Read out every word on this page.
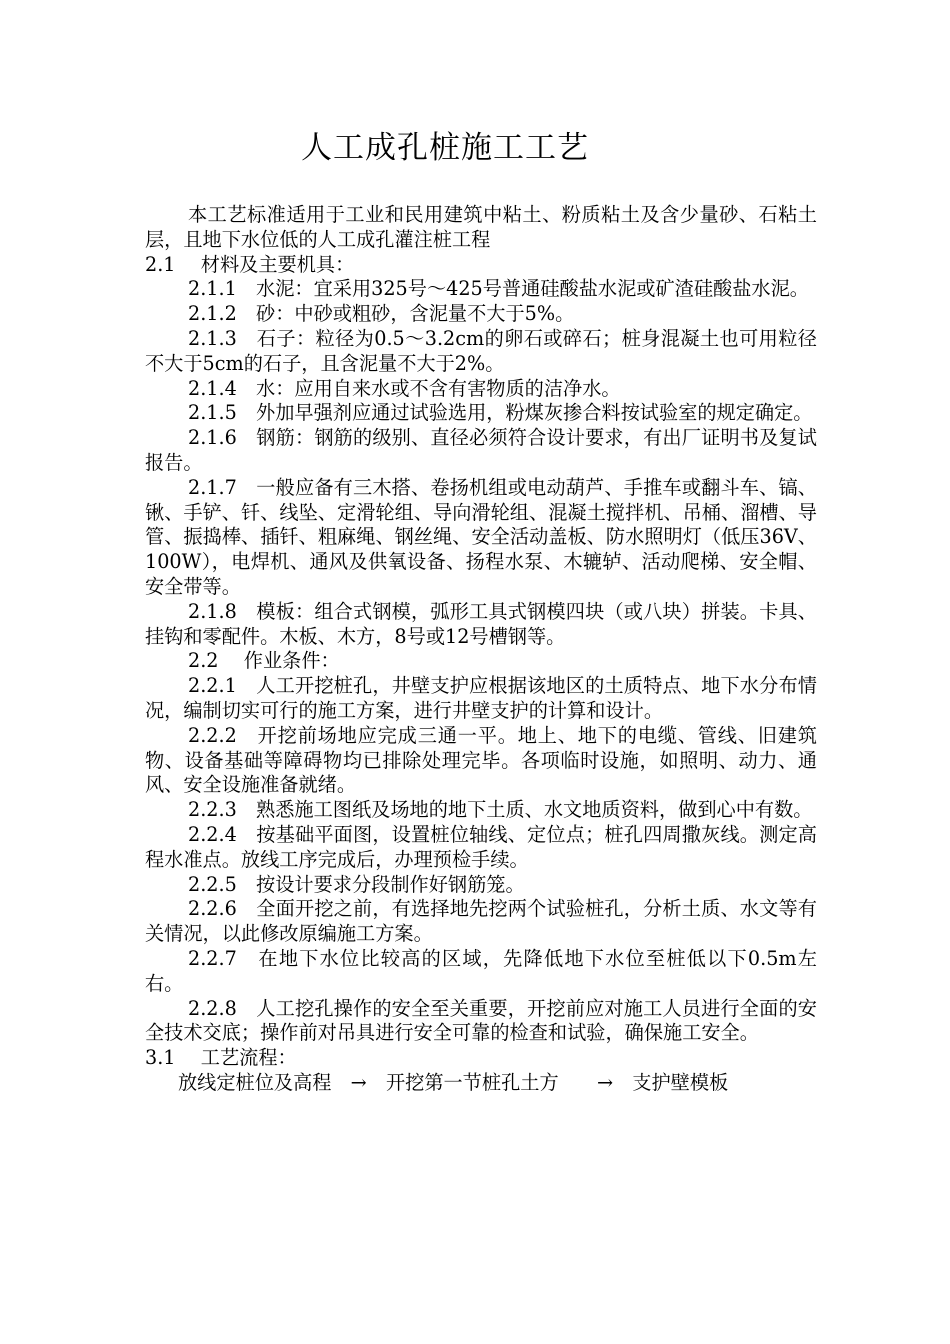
人工成孔桩施工工艺

本工艺标准适用于工业和民用建筑中粘土、粉质粘土及含少量砂、石粘土层，且地下水位低的人工成孔灌注桩工程

2.1　 材料及主要机具：

2.1.1　水泥：宜采用325号～425号普通硅酸盐水泥或矿渣硅酸盐水泥。

2.1.2　砂：中砂或粗砂，含泥量不大于5%。

2.1.3　石子：粒径为0.5～3.2cm的卵石或碎石；桩身混凝土也可用粒径不大于5cm的石子，且含泥量不大于2%。

2.1.4　水：应用自来水或不含有害物质的洁净水。

2.1.5　外加早强剂应通过试验选用，粉煤灰掺合料按试验室的规定确定。

2.1.6　钢筋：钢筋的级别、直径必须符合设计要求，有出厂证明书及复试报告。

2.1.7　一般应备有三木搭、卷扬机组或电动葫芦、手推车或翻斗车、镐、锹、手铲、钎、线坠、定滑轮组、导向滑轮组、混凝土搅拌机、吊桶、溜槽、导管、振捣棒、插钎、粗麻绳、钢丝绳、安全活动盖板、防水照明灯（低压36V、100W），电焊机、通风及供氧设备、扬程水泵、木辘轳、活动爬梯、安全帽、安全带等。

2.1.8　模板：组合式钢模，弧形工具式钢模四块（或八块）拼装。卡具、挂钩和零配件。木板、木方，8号或12号槽钢等。

2.2　 作业条件：

2.2.1　人工开挖桩孔，井壁支护应根据该地区的土质特点、地下水分布情况，编制切实可行的施工方案，进行井壁支护的计算和设计。

2.2.2　开挖前场地应完成三通一平。地上、地下的电缆、管线、旧建筑物、设备基础等障碍物均已排除处理完毕。各项临时设施，如照明、动力、通风、安全设施准备就绪。

2.2.3　熟悉施工图纸及场地的地下土质、水文地质资料，做到心中有数。

2.2.4　按基础平面图，设置桩位轴线、定位点；桩孔四周撒灰线。测定高程水准点。放线工序完成后，办理预检手续。

2.2.5　按设计要求分段制作好钢筋笼。

2.2.6　全面开挖之前，有选择地先挖两个试验桩孔，分析土质、水文等有关情况，以此修改原编施工方案。

2.2.7　在地下水位比较高的区域，先降低地下水位至桩低以下0.5m左右。

2.2.8　人工挖孔操作的安全至关重要，开挖前应对施工人员进行全面的安全技术交底；操作前对吊具进行安全可靠的检查和试验，确保施工安全。

3.1　 工艺流程：

放线定桩位及高程　→　开挖第一节桩孔土方　　→　支护壁模板
